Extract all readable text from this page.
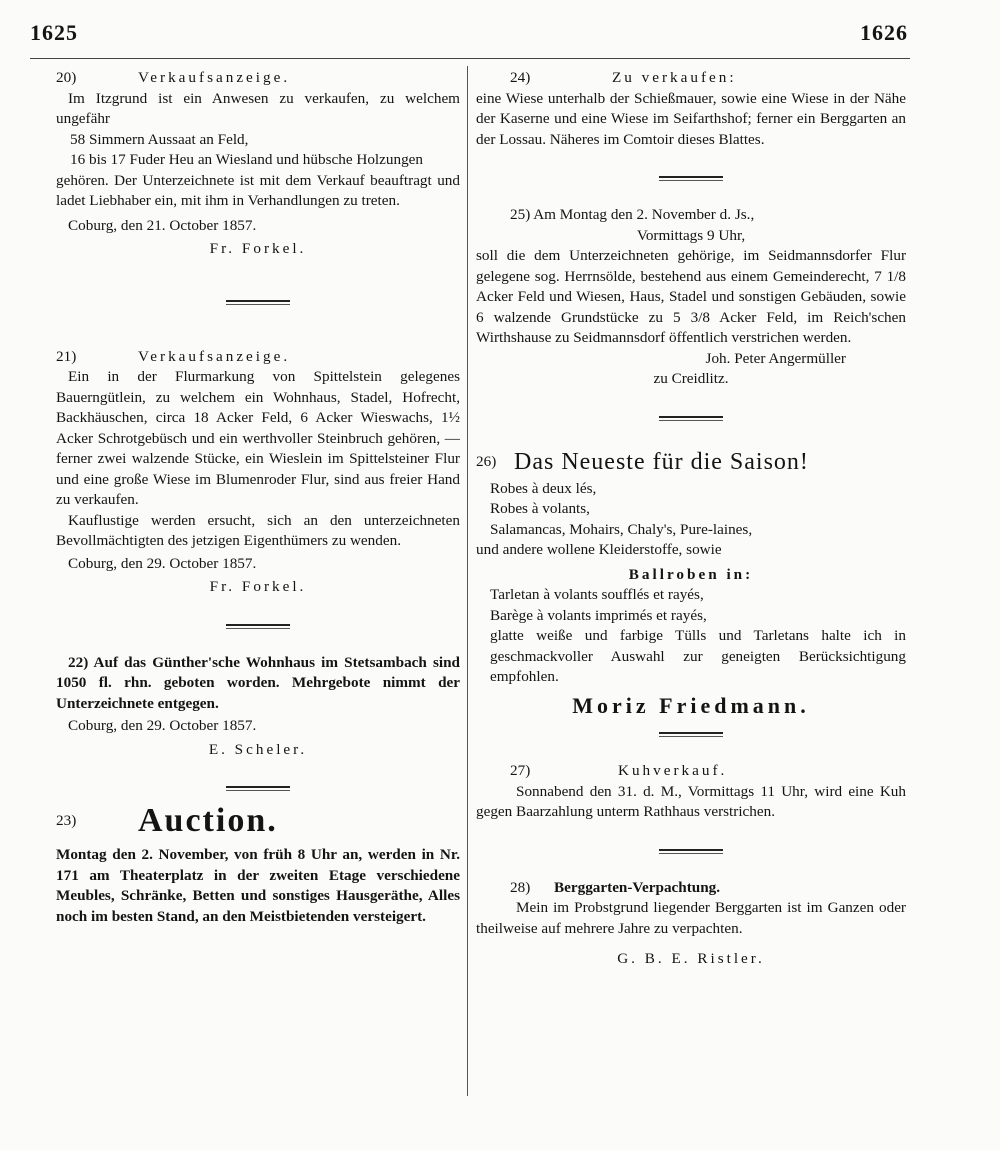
1625	1626
20)	Verkaufsanzeige.

Im Itzgrund ist ein Anwesen zu verkaufen, zu welchem ungefähr

58 Simmern Aussaat an Feld,

16 bis 17 Fuder Heu an Wiesland und hübsche Holzungen

gehören. Der Unterzeichnete ist mit dem Verkauf beauftragt und ladet Liebhaber ein, mit ihm in Verhandlungen zu treten.

Coburg, den 21. October 1857.

Fr. Forkel.

21)	Verkaufsanzeige.

Ein in der Flurmarkung von Spittelstein gelegenes Bauerngütlein, zu welchem ein Wohnhaus, Stadel, Hofrecht, Backhäuschen, circa 18 Acker Feld, 6 Acker Wieswachs, 1½ Acker Schrotgebüsch und ein werthvoller Steinbruch gehören, — ferner zwei walzende Stücke, ein Wieslein im Spittelsteiner Flur und eine große Wiese im Blumenroder Flur, sind aus freier Hand zu verkaufen.

Kauflustige werden ersucht, sich an den unterzeichneten Bevollmächtigten des jetzigen Eigenthümers zu wenden.

Coburg, den 29. October 1857.

Fr. Forkel.

22) Auf das Günther'sche Wohnhaus im Stetsambach sind 1050 fl. rhn. geboten worden. Mehrgebote nimmt der Unterzeichnete entgegen.

Coburg, den 29. October 1857.

E. Scheler.

23)	Auction.

Montag den 2. November, von früh 8 Uhr an, werden in Nr. 171 am Theaterplatz in der zweiten Etage verschiedene Meubles, Schränke, Betten und sonstiges Hausgeräthe, Alles noch im besten Stand, an den Meistbietenden versteigert.

24)	Zu verkaufen:

eine Wiese unterhalb der Schießmauer, sowie eine Wiese in der Nähe der Kaserne und eine Wiese im Seifarthshof; ferner ein Berggarten an der Lossau. Näheres im Comtoir dieses Blattes.

25) Am Montag den 2. November d. Js.,

Vormittags 9 Uhr,

soll die dem Unterzeichneten gehörige, im Seidmannsdorfer Flur gelegene sog. Herrnsölde, bestehend aus einem Gemeinderecht, 7 1/8 Acker Feld und Wiesen, Haus, Stadel und sonstigen Gebäuden, sowie 6 walzende Grundstücke zu 5 3/8 Acker Feld, im Reich'schen Wirthshause zu Seidmannsdorf öffentlich verstrichen werden.

Joh. Peter Angermüller

zu Creidlitz.

26) Das Neueste für die Saison!

Robes à deux lés,

Robes à volants,

Salamancas, Mohairs, Chaly's, Pure-laines,

und andere wollene Kleiderstoffe, sowie

Ballroben in:

Tarletan à volants soufflés et rayés,

Barège à volants imprimés et rayés,

glatte weiße und farbige Tülls und Tarletans halte ich in geschmackvoller Auswahl zur geneigten Berücksichtigung empfohlen.

Moriz Friedmann.

27)	Kuhverkauf.

Sonnabend den 31. d. M., Vormittags 11 Uhr, wird eine Kuh gegen Baarzahlung unterm Rathhaus verstrichen.

28)	Berggarten-Verpachtung.

Mein im Probstgrund liegender Berggarten ist im Ganzen oder theilweise auf mehrere Jahre zu verpachten.

G. B. E. Ristler.
